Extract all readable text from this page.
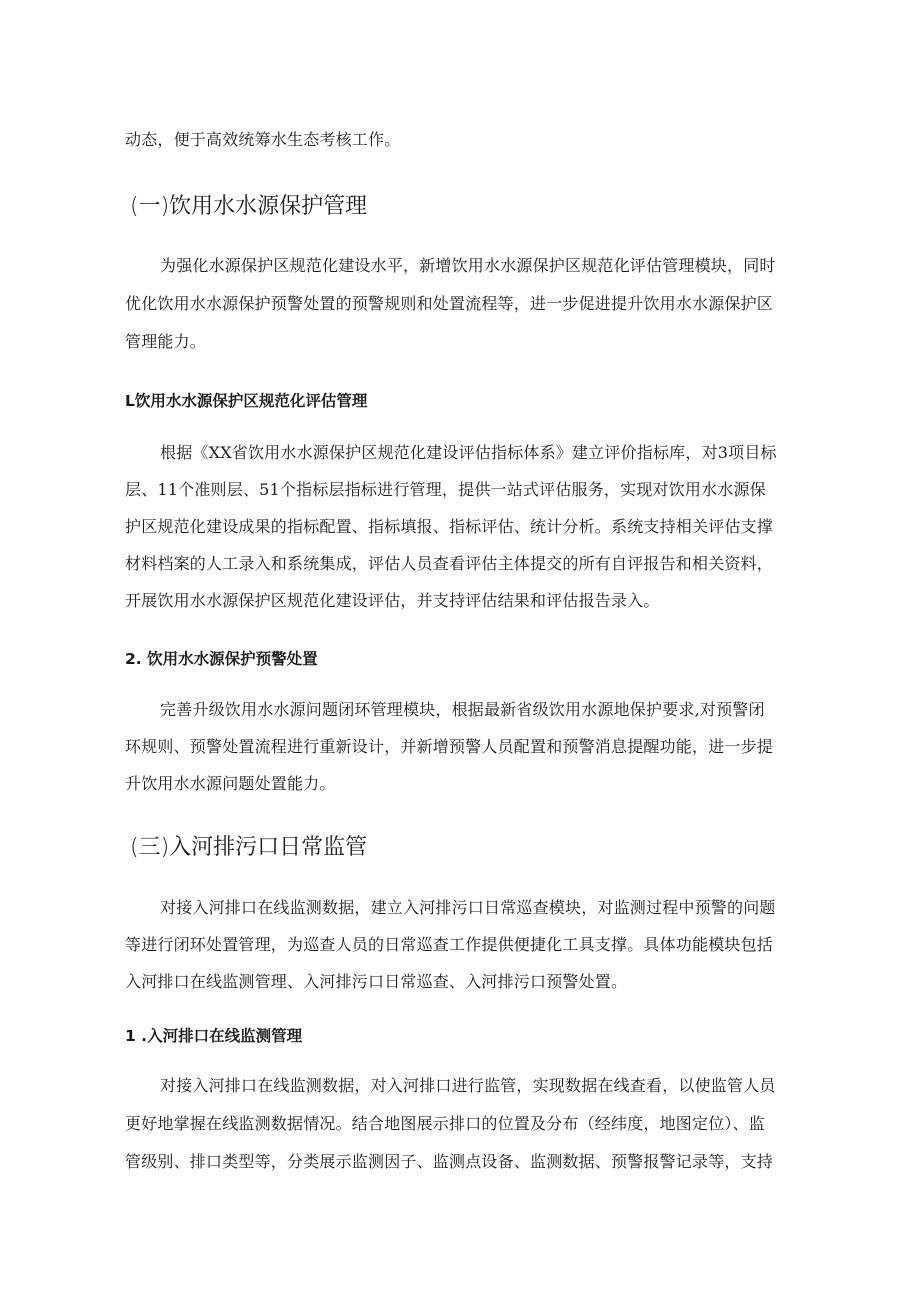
动态，便于高效统筹水生态考核工作。
(一)饮用水水源保护管理
为强化水源保护区规范化建设水平，新增饮用水水源保护区规范化评估管理模块，同时
优化饮用水水源保护预警处置的预警规则和处置流程等，进一步促进提升饮用水水源保护区
管理能力。
L饮用水水源保护区规范化评估管理
根据《XX省饮用水水源保护区规范化建设评估指标体系》建立评价指标库，对3项目标
层、11个准则层、51个指标层指标进行管理，提供一站式评估服务，实现对饮用水水源保
护区规范化建设成果的指标配置、指标填报、指标评估、统计分析。系统支持相关评估支撑
材料档案的人工录入和系统集成，评估人员查看评估主体提交的所有自评报告和相关资料，
开展饮用水水源保护区规范化建设评估，并支持评估结果和评估报告录入。
2. 饮用水水源保护预警处置
完善升级饮用水水源问题闭环管理模块，根据最新省级饮用水源地保护要求,对预警闭
环规则、预警处置流程进行重新设计，并新增预警人员配置和预警消息提醒功能，进一步提
升饮用水水源问题处置能力。
(三)入河排污口日常监管
对接入河排口在线监测数据，建立入河排污口日常巡查模块，对监测过程中预警的问题
等进行闭环处置管理，为巡查人员的日常巡查工作提供便捷化工具支撑。具体功能模块包括
入河排口在线监测管理、入河排污口日常巡查、入河排污口预警处置。
1 .入河排口在线监测管理
对接入河排口在线监测数据，对入河排口进行监管，实现数据在线查看，以使监管人员
更好地掌握在线监测数据情况。结合地图展示排口的位置及分布（经纬度，地图定位）、监
管级别、排口类型等，分类展示监测因子、监测点设备、监测数据、预警报警记录等，支持
